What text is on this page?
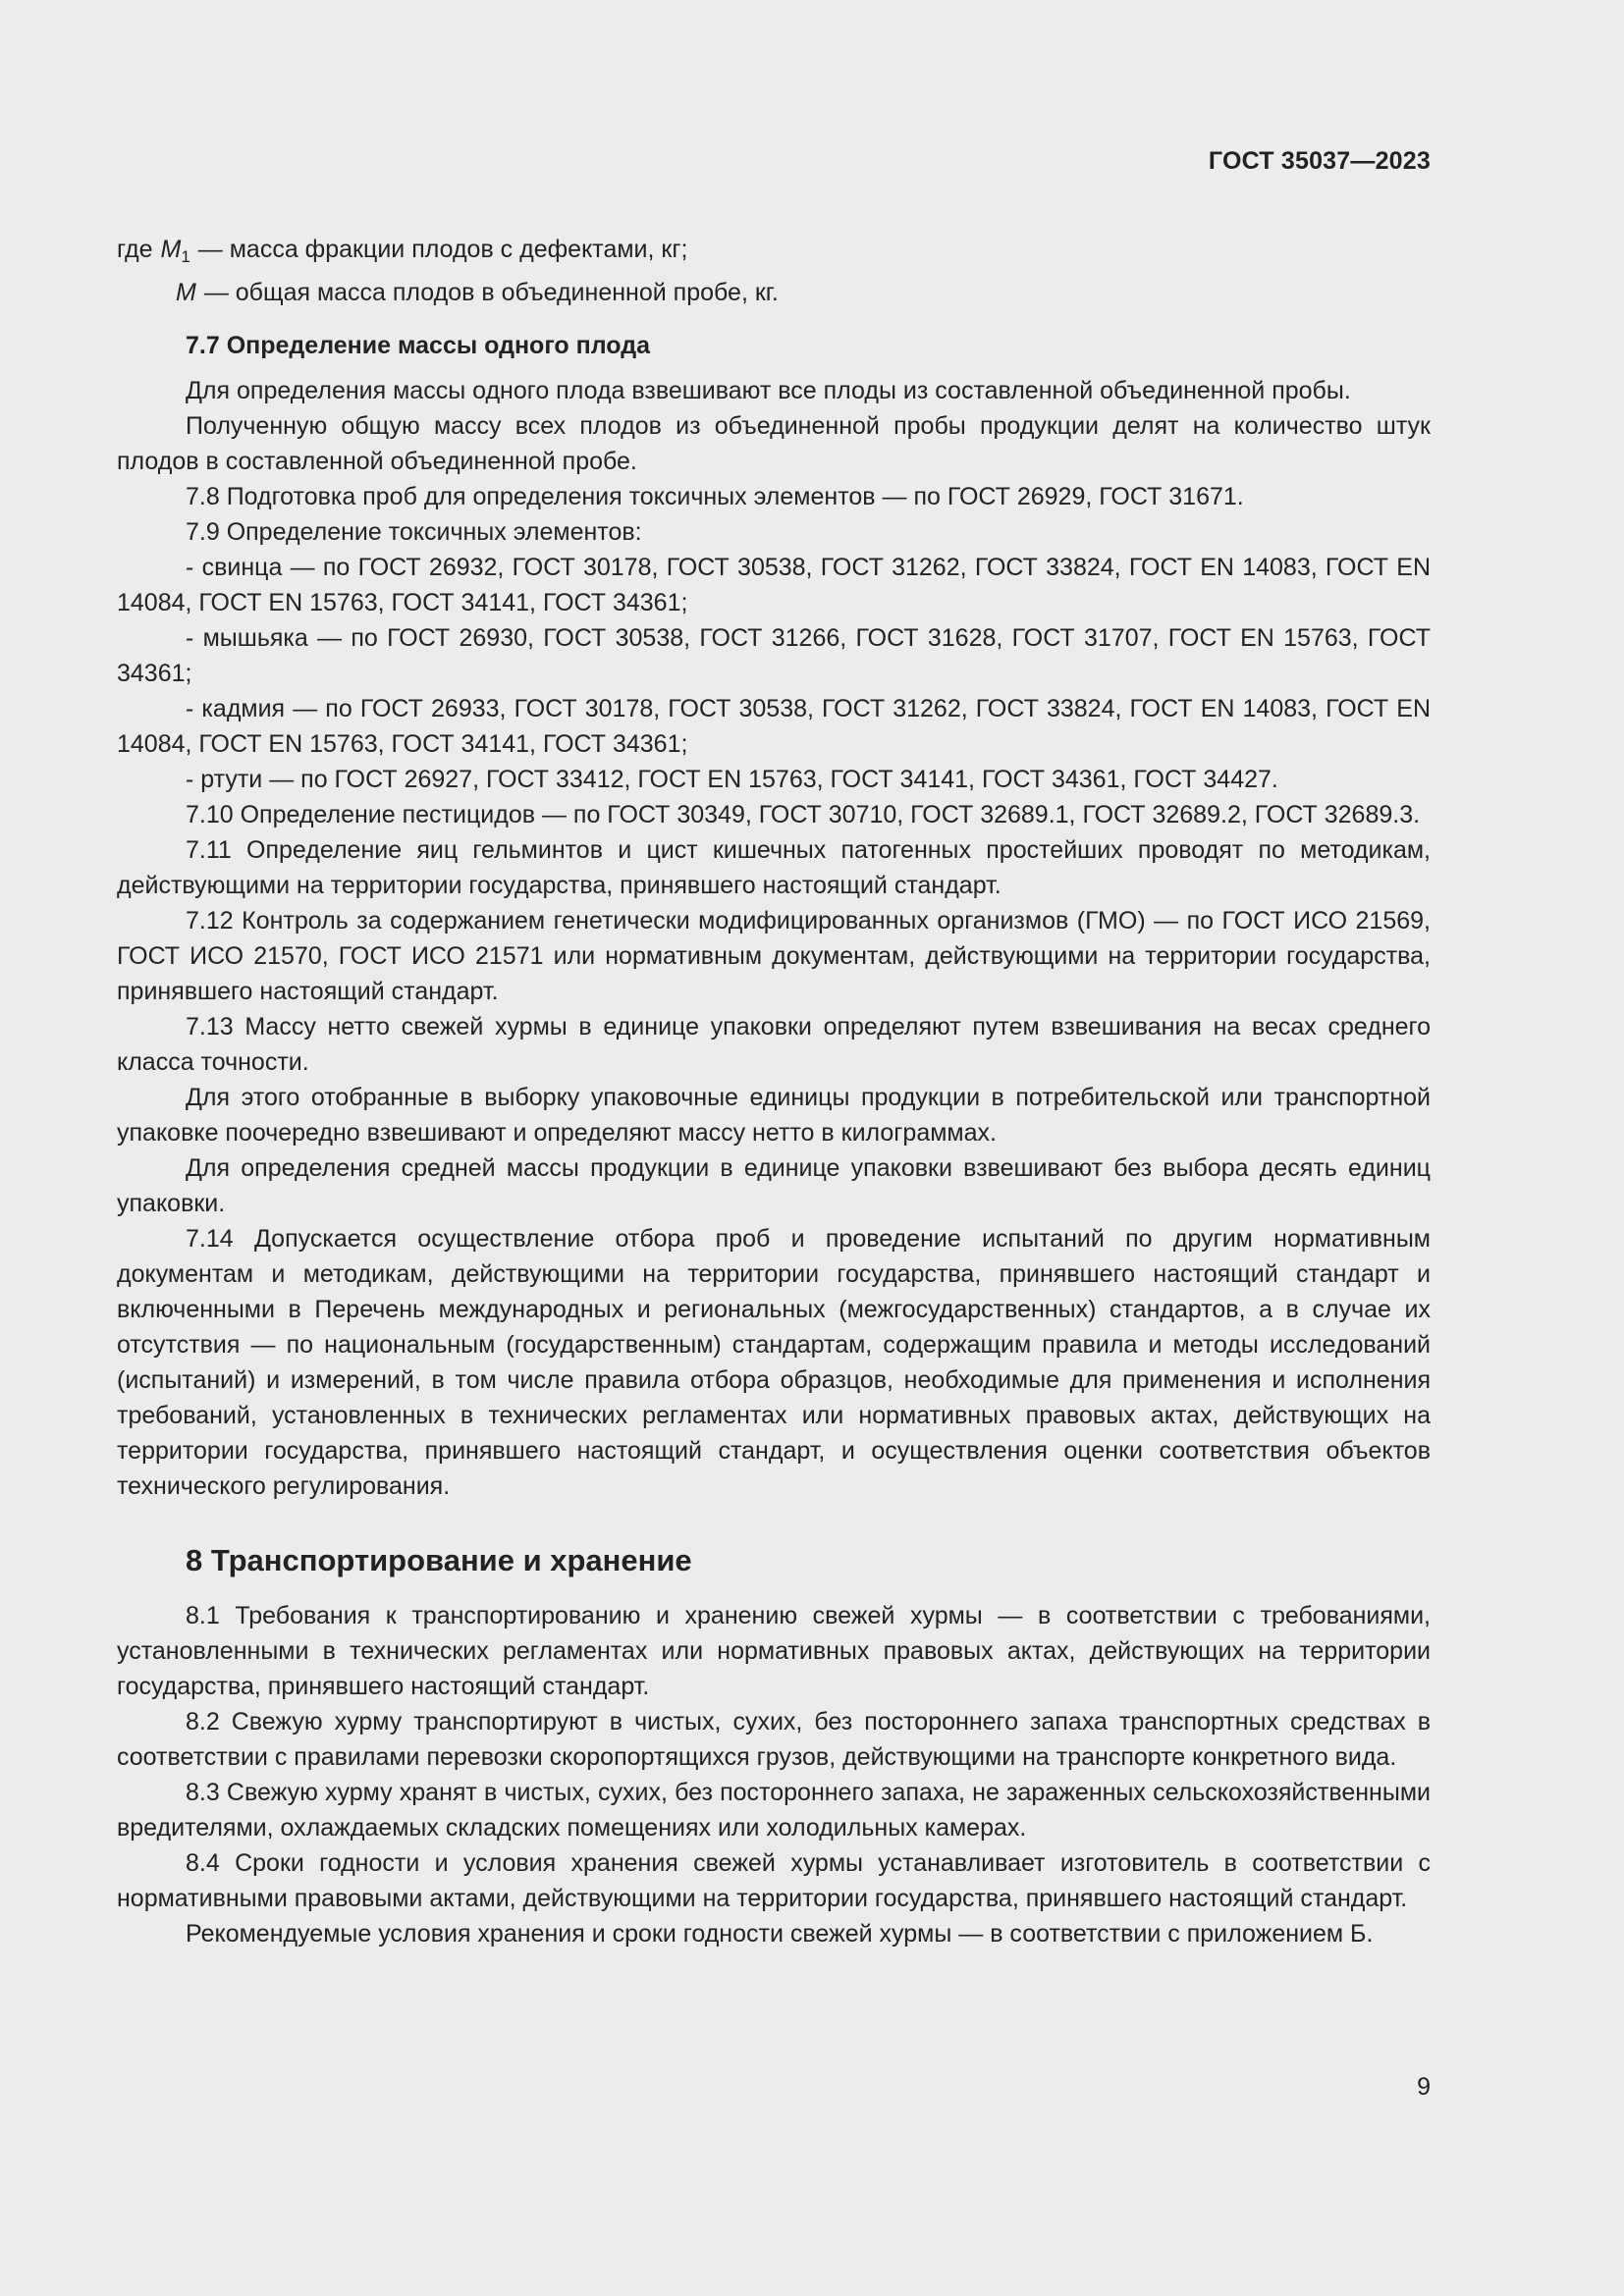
ГОСТ 35037—2023
где $M_1$ — масса фракции плодов с дефектами, кг;
M — общая масса плодов в объединенной пробе, кг.

7.7 Определение массы одного плода

Для определения массы одного плода взвешивают все плоды из составленной объединенной пробы.

Полученную общую массу всех плодов из объединенной пробы продукции делят на количество штук плодов в составленной объединенной пробе.

7.8 Подготовка проб для определения токсичных элементов — по ГОСТ 26929, ГОСТ 31671.

7.9 Определение токсичных элементов:

- свинца — по ГОСТ 26932, ГОСТ 30178, ГОСТ 30538, ГОСТ 31262, ГОСТ 33824, ГОСТ EN 14083, ГОСТ EN 14084, ГОСТ EN 15763, ГОСТ 34141, ГОСТ 34361;

- мышьяка — по ГОСТ 26930, ГОСТ 30538, ГОСТ 31266, ГОСТ 31628, ГОСТ 31707, ГОСТ EN 15763, ГОСТ 34361;

- кадмия — по ГОСТ 26933, ГОСТ 30178, ГОСТ 30538, ГОСТ 31262, ГОСТ 33824, ГОСТ EN 14083, ГОСТ EN 14084, ГОСТ EN 15763, ГОСТ 34141, ГОСТ 34361;

- ртути — по ГОСТ 26927, ГОСТ 33412, ГОСТ EN 15763, ГОСТ 34141, ГОСТ 34361, ГОСТ 34427.

7.10 Определение пестицидов — по ГОСТ 30349, ГОСТ 30710, ГОСТ 32689.1, ГОСТ 32689.2, ГОСТ 32689.3.

7.11 Определение яиц гельминтов и цист кишечных патогенных простейших проводят по методикам, действующими на территории государства, принявшего настоящий стандарт.

7.12 Контроль за содержанием генетически модифицированных организмов (ГМО) — по ГОСТ ИСО 21569, ГОСТ ИСО 21570, ГОСТ ИСО 21571 или нормативным документам, действующими на территории государства, принявшего настоящий стандарт.

7.13 Массу нетто свежей хурмы в единице упаковки определяют путем взвешивания на весах среднего класса точности.

Для этого отобранные в выборку упаковочные единицы продукции в потребительской или транспортной упаковке поочередно взвешивают и определяют массу нетто в килограммах.

Для определения средней массы продукции в единице упаковки взвешивают без выбора десять единиц упаковки.

7.14 Допускается осуществление отбора проб и проведение испытаний по другим нормативным документам и методикам, действующими на территории государства, принявшего настоящий стандарт и включенными в Перечень международных и региональных (межгосударственных) стандартов, а в случае их отсутствия — по национальным (государственным) стандартам, содержащим правила и методы исследований (испытаний) и измерений, в том числе правила отбора образцов, необходимые для применения и исполнения требований, установленных в технических регламентах или нормативных правовых актах, действующих на территории государства, принявшего настоящий стандарт, и осуществления оценки соответствия объектов технического регулирования.

8 Транспортирование и хранение

8.1 Требования к транспортированию и хранению свежей хурмы — в соответствии с требованиями, установленными в технических регламентах или нормативных правовых актах, действующих на территории государства, принявшего настоящий стандарт.

8.2 Свежую хурму транспортируют в чистых, сухих, без постороннего запаха транспортных средствах в соответствии с правилами перевозки скоропортящихся грузов, действующими на транспорте конкретного вида.

8.3 Свежую хурму хранят в чистых, сухих, без постороннего запаха, не зараженных сельскохозяйственными вредителями, охлаждаемых складских помещениях или холодильных камерах.

8.4 Сроки годности и условия хранения свежей хурмы устанавливает изготовитель в соответствии с нормативными правовыми актами, действующими на территории государства, принявшего настоящий стандарт.

Рекомендуемые условия хранения и сроки годности свежей хурмы — в соответствии с приложением Б.

9
